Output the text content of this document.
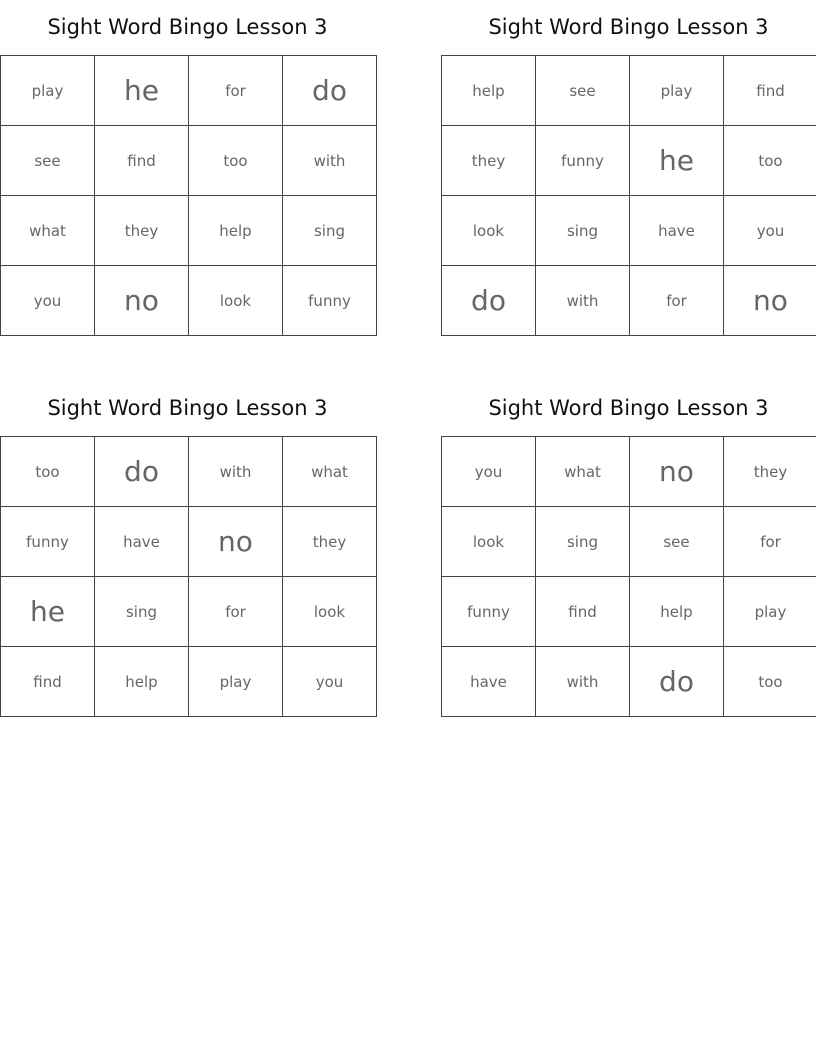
Sight Word Bingo Lesson 3
play	he	for	do
see	find	too	with
what	they	help	sing
you	no	look	funny
Sight Word Bingo Lesson 3
help	see	play	find
they	funny	he	too
look	sing	have	you
do	with	for	no
Sight Word Bingo Lesson 3
too	do	with	what
funny	have	no	they
he	sing	for	look
find	help	play	you
Sight Word Bingo Lesson 3
you	what	no	they
look	sing	see	for
funny	find	help	play
have	with	do	too
